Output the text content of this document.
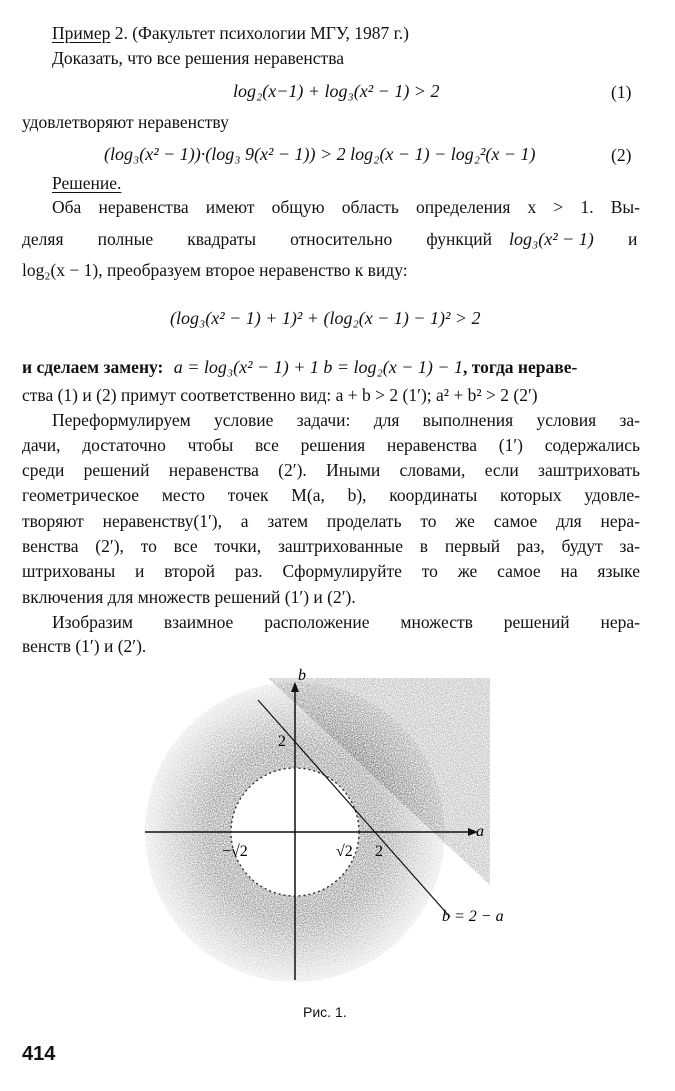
Пример 2. (Факультет психологии МГУ, 1987 г.)
Доказать, что все решения неравенства
log₂(x−1) + log₃(x² − 1) > 2	(1)
удовлетворяют неравенству
(log₃(x² − 1))·(log₃ 9(x² − 1)) > 2 log₂(x − 1) − log₂²(x − 1)	(2)
Решение.
Оба неравенства имеют общую область определения x > 1. Вы-
деляя полные квадраты относительно функций log₃(x² − 1) и
log₂(x − 1), преобразуем второе неравенство к виду:
(log₃(x² − 1) + 1)² + (log₂(x − 1) − 1)² > 2
и сделаем замену: a = log₃(x² − 1) + 1 b = log₂(x − 1) − 1, тогда нераве-
ства (1) и (2) примут соответственно вид: a + b > 2 (1′); a² + b² > 2 (2′)
Переформулируем условие задачи: для выполнения условия за-
дачи, достаточно чтобы все решения неравенства (1′) содержались
среди решений неравенства (2′). Иными словами, если заштриховать
геометрическое место точек M(a, b), координаты которых удовле-
творяют неравенству(1′), а затем проделать то же самое для нера-
венства (2′), то все точки, заштрихованные в первый раз, будут за-
штрихованы и второй раз. Сформулируйте то же самое на языке
включения для множеств решений (1′) и (2′).
Изобразим взаимное расположение множеств решений нера-
венств (1′) и (2′).
b
a
2
−√2	√2 2
b = 2 − a
Рис. 1.
414
